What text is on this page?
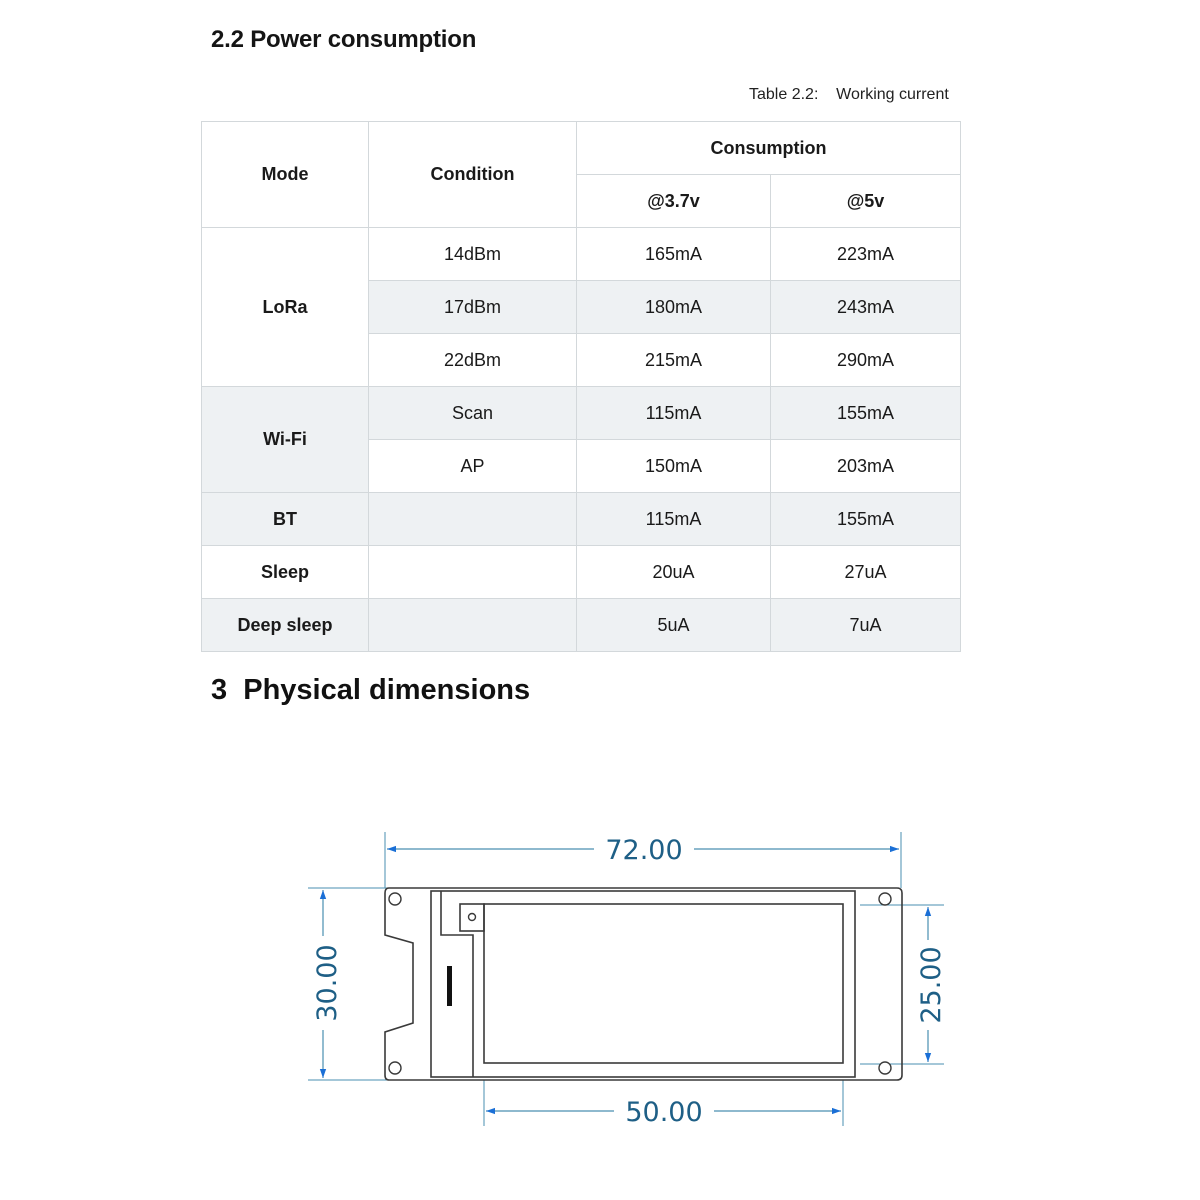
2.2 Power consumption
Table 2.2:    Working current
Mode	Condition	Consumption	
		@3.7v	@5v
LoRa	14dBm	165mA	223mA
	17dBm	180mA	243mA
	22dBm	215mA	290mA
Wi-Fi	Scan	115mA	155mA
	AP	150mA	203mA
BT		115mA	155mA
Sleep		20uA	27uA
Deep sleep		5uA	7uA
3  Physical dimensions
72.00
50.00
30.00	25.00
